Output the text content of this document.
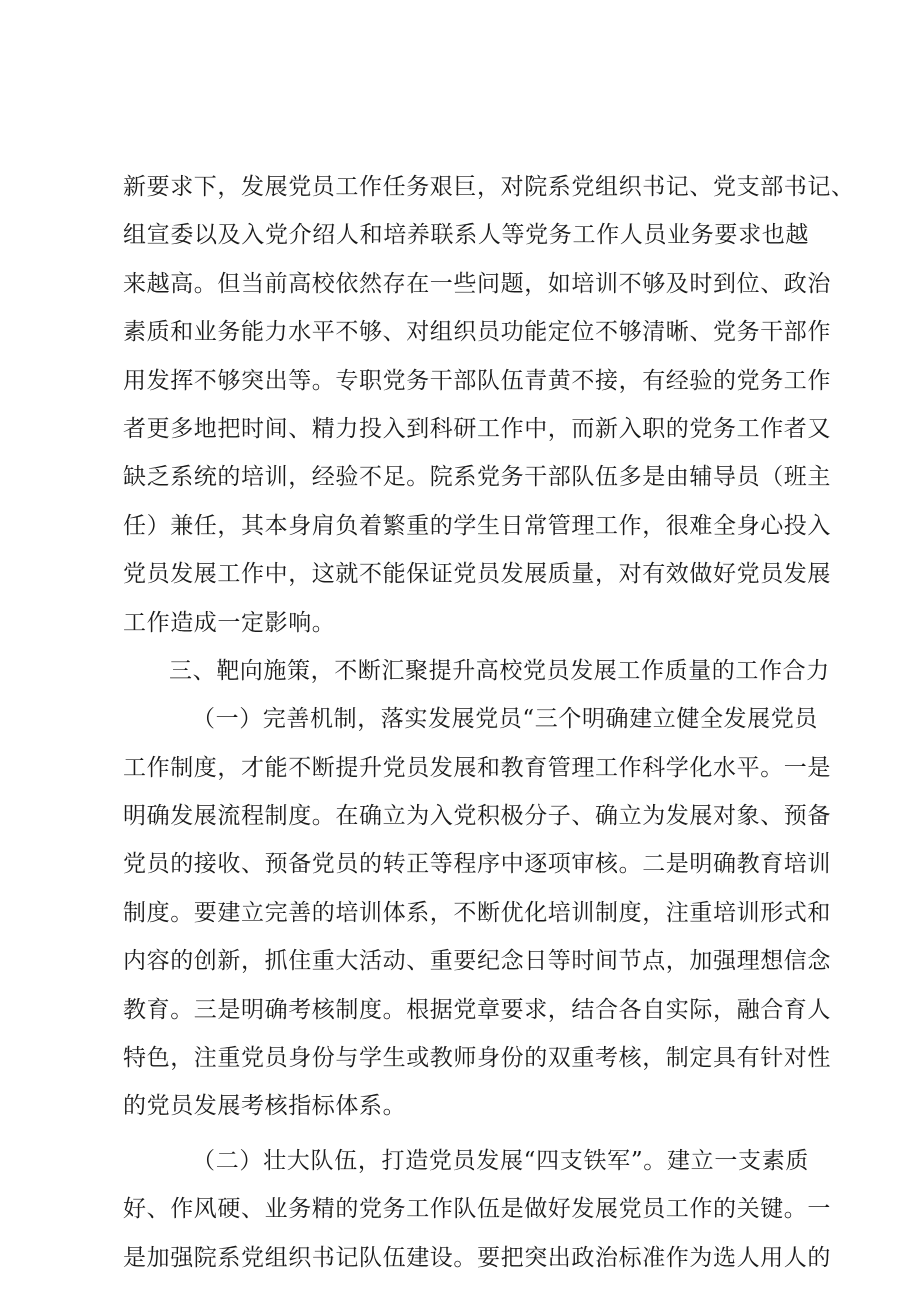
新要求下，发展党员工作任务艰巨，对院系党组织书记、党支部书记、
组宣委以及入党介绍人和培养联系人等党务工作人员业务要求也越
来越高。但当前高校依然存在一些问题，如培训不够及时到位、政治
素质和业务能力水平不够、对组织员功能定位不够清晰、党务干部作
用发挥不够突出等。专职党务干部队伍青黄不接，有经验的党务工作
者更多地把时间、精力投入到科研工作中，而新入职的党务工作者又
缺乏系统的培训，经验不足。院系党务干部队伍多是由辅导员（班主
任）兼任，其本身肩负着繁重的学生日常管理工作，很难全身心投入
党员发展工作中，这就不能保证党员发展质量，对有效做好党员发展
工作造成一定影响。
三、靶向施策，不断汇聚提升高校党员发展工作质量的工作合力
（一）完善机制，落实发展党员“三个明确建立健全发展党员
工作制度，才能不断提升党员发展和教育管理工作科学化水平。一是
明确发展流程制度。在确立为入党积极分子、确立为发展对象、预备
党员的接收、预备党员的转正等程序中逐项审核。二是明确教育培训
制度。要建立完善的培训体系，不断优化培训制度，注重培训形式和
内容的创新，抓住重大活动、重要纪念日等时间节点，加强理想信念
教育。三是明确考核制度。根据党章要求，结合各自实际，融合育人
特色，注重党员身份与学生或教师身份的双重考核，制定具有针对性
的党员发展考核指标体系。
（二）壮大队伍，打造党员发展“四支铁军”。建立一支素质
好、作风硬、业务精的党务工作队伍是做好发展党员工作的关键。一
是加强院系党组织书记队伍建设。要把突出政治标准作为选人用人的
